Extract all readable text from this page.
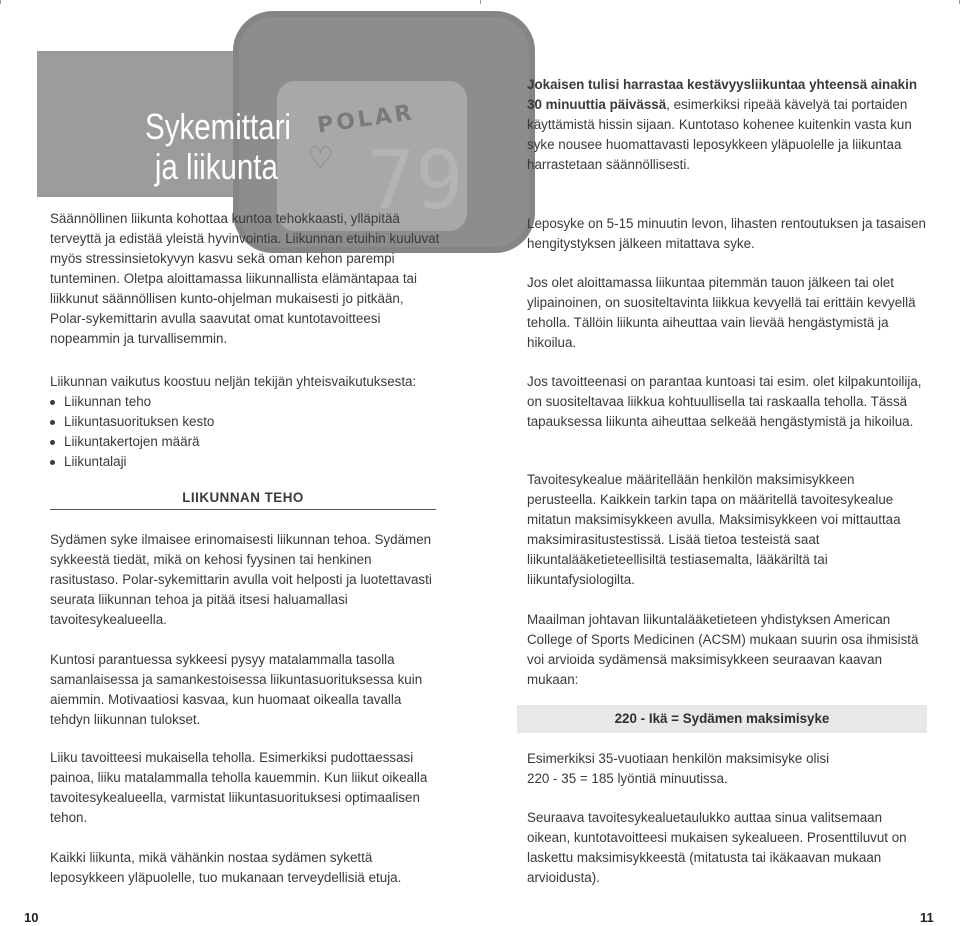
POLAR
♡ 79
Sykemittari
ja liikunta

Säännöllinen liikunta kohottaa kuntoa tehokkaasti, ylläpitää terveyttä ja edistää yleistä hyvinvointia. Liikunnan etuihin kuuluvat myös stressinsietokyvyn kasvu sekä oman kehon parempi tunteminen. Oletpa aloittamassa liikunnallista elämäntapaa tai liikkunut säännöllisen kunto-ohjelman mukaisesti jo pitkään, Polar-sykemittarin avulla saavutat omat kuntotavoitteesi nopeammin ja turvallisemmin.

Liikunnan vaikutus koostuu neljän tekijän yhteisvaikutuksesta:

Liikunnan teho
Liikuntasuorituksen kesto
Liikuntakertojen määrä
Liikuntalaji
LIIKUNNAN TEHO

Sydämen syke ilmaisee erinomaisesti liikunnan tehoa. Sydämen sykkeestä tiedät, mikä on kehosi fyysinen tai henkinen rasitustaso. Polar-sykemittarin avulla voit helposti ja luotettavasti seurata liikunnan tehoa ja pitää itsesi haluamallasi tavoitesykealueella.

Kuntosi parantuessa sykkeesi pysyy matalammalla tasolla samanlaisessa ja samankestoisessa liikuntasuorituksessa kuin aiemmin. Motivaatiosi kasvaa, kun huomaat oikealla tavalla tehdyn liikunnan tulokset.

Liiku tavoitteesi mukaisella teholla. Esimerkiksi pudottaessasi painoa, liiku matalammalla teholla kauemmin. Kun liikut oikealla tavoitesykealueella, varmistat liikuntasuorituksesi optimaalisen tehon.

Kaikki liikunta, mikä vähänkin nostaa sydämen sykettä leposykkeen yläpuolelle, tuo mukanaan terveydellisiä etuja.

Jokaisen tulisi harrastaa kestävyysliikuntaa yhteensä ainakin 30 minuuttia päivässä, esimerkiksi ripeää kävelyä tai portaiden käyttämistä hissin sijaan. Kuntotaso kohenee kuitenkin vasta kun syke nousee huomattavasti leposykkeen yläpuolelle ja liikuntaa harrastetaan säännöllisesti.

Leposyke on 5-15 minuutin levon, lihasten rentoutuksen ja tasaisen hengitystyksen jälkeen mitattava syke.

Jos olet aloittamassa liikuntaa pitemmän tauon jälkeen tai olet ylipainoinen, on suositeltavinta liikkua kevyellä tai erittäin kevyellä teholla. Tällöin liikunta aiheuttaa vain lievää hengästymistä ja hikoilua.

Jos tavoitteenasi on parantaa kuntoasi tai esim. olet kilpakuntoilija, on suositeltavaa liikkua kohtuullisella tai raskaalla teholla. Tässä tapauksessa liikunta aiheuttaa selkeää hengästymistä ja hikoilua.

Tavoitesykealue määritellään henkilön maksimisykkeen perusteella. Kaikkein tarkin tapa on määritellä tavoitesykealue mitatun maksimisykkeen avulla. Maksimisykkeen voi mittauttaa maksimirasitustestissä. Lisää tietoa testeistä saat liikuntalääketieteellisiltä testiasemalta, lääkäriltä tai liikuntafysiologilta.

Maailman johtavan liikuntalääketieteen yhdistyksen American College of Sports Medicinen (ACSM) mukaan suurin osa ihmisistä voi arvioida sydämensä maksimisykkeen seuraavan kaavan mukaan:

220 - Ikä = Sydämen maksimisyke

Esimerkiksi 35-vuotiaan henkilön maksimisyke olisi

220 - 35 = 185 lyöntiä minuutissa.

Seuraava tavoitesykealuetaulukko auttaa sinua valitsemaan oikean, kuntotavoitteesi mukaisen sykealueen. Prosenttiluvut on laskettu maksimisykkeestä (mitatusta tai ikäkaavan mukaan arvioidusta).

10	11
